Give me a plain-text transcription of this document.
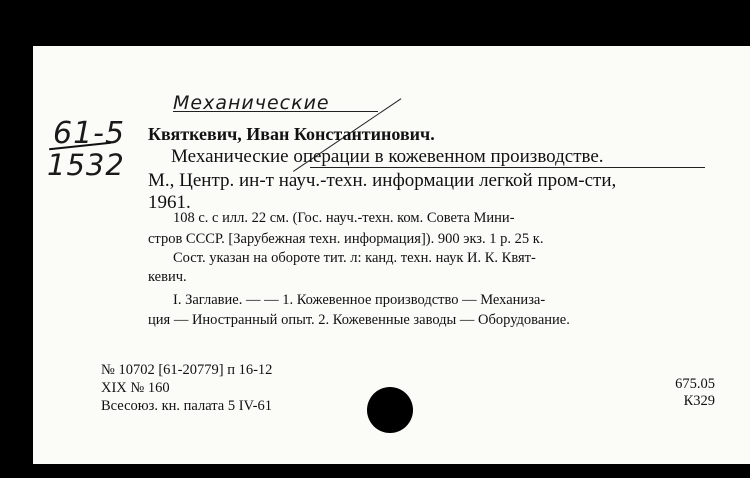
Механические
61-5
1532
Квяткевич, Иван Константинович.
Механические операции в кожевенном производстве.
М., Центр. ин-т науч.-техн. информации легкой пром-сти,
1961.
108 с. с илл. 22 см. (Гос. науч.-техн. ком. Совета Мини-
стров СССР. [Зарубежная техн. информация]). 900 экз. 1 р. 25 к.
Сост. указан на обороте тит. л: канд. техн. наук И. К. Квят-
кевич.
I. Заглавие. — — 1. Кожевенное производство — Механиза-
ция — Иностранный опыт. 2. Кожевенные заводы — Оборудование.
№ 10702 [61-20779] п 16-12
XIX № 160
Всесоюз. кн. палата 5 IV-61
675.05
К329
